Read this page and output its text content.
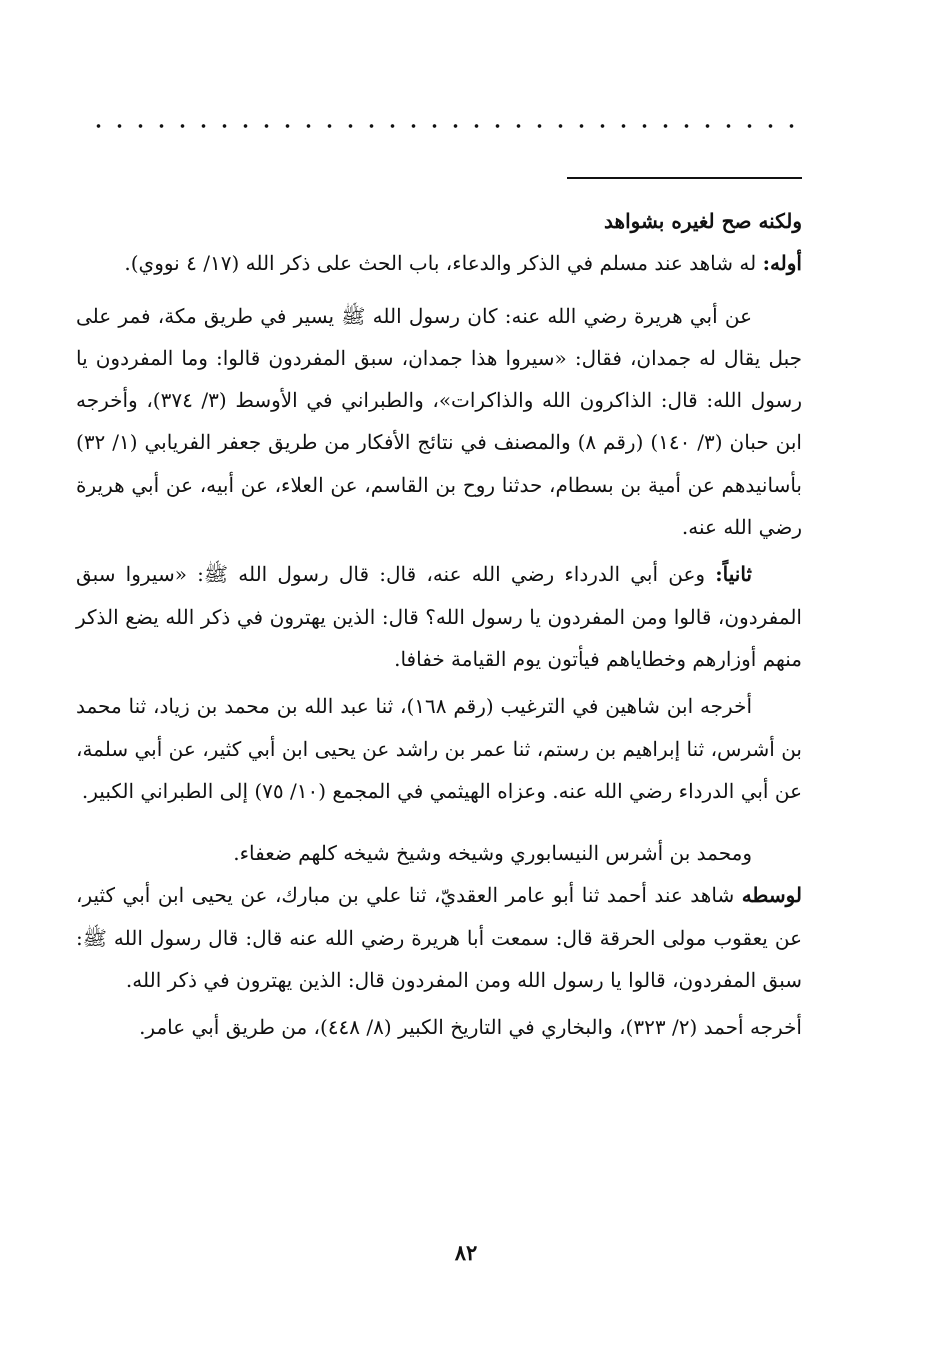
ولكنه صح لغيره بشواهد

أوله: له شاهد عند مسلم في الذكر والدعاء، باب الحث على ذكر الله (١٧/ ٤ نووي).

عن أبي هريرة رضي الله عنه: كان رسول الله ﷺ يسير في طريق مكة، فمر على جبل يقال له جمدان، فقال: «سيروا هذا جمدان، سبق المفردون قالوا: وما المفردون يا رسول الله: قال: الذاكرون الله والذاكرات»، والطبراني في الأوسط (٣/ ٣٧٤)، وأخرجه ابن حبان (٣/ ١٤٠) (رقم ٨) والمصنف في نتائج الأفكار من طريق جعفر الفريابي (١/ ٣٢) بأسانيدهم عن أمية بن بسطام، حدثنا روح بن القاسم، عن العلاء، عن أبيه، عن أبي هريرة رضي الله عنه.

ثانياً: وعن أبي الدرداء رضي الله عنه، قال: قال رسول الله ﷺ: «سيروا سبق المفردون، قالوا ومن المفردون يا رسول الله؟ قال: الذين يهترون في ذكر الله يضع الذكر منهم أوزارهم وخطاياهم فيأتون يوم القيامة خفافا.

أخرجه ابن شاهين في الترغيب (رقم ١٦٨)، ثنا عبد الله بن محمد بن زياد، ثنا محمد بن أشرس، ثنا إبراهيم بن رستم، ثنا عمر بن راشد عن يحيى ابن أبي كثير، عن أبي سلمة، عن أبي الدرداء رضي الله عنه. وعزاه الهيثمي في المجمع (١٠/ ٧٥) إلى الطبراني الكبير.

ومحمد بن أشرس النيسابوري وشيخه وشيخ شيخه كلهم ضعفاء.

لوسطه شاهد عند أحمد ثنا أبو عامر العقديّ، ثنا علي بن مبارك، عن يحيى ابن أبي كثير، عن يعقوب مولى الحرقة قال: سمعت أبا هريرة رضي الله عنه قال: قال رسول الله ﷺ: سبق المفردون، قالوا يا رسول الله ومن المفردون قال: الذين يهترون في ذكر الله.

أخرجه أحمد (٢/ ٣٢٣)، والبخاري في التاريخ الكبير (٨/ ٤٤٨)، من طريق أبي عامر.

٨٢
